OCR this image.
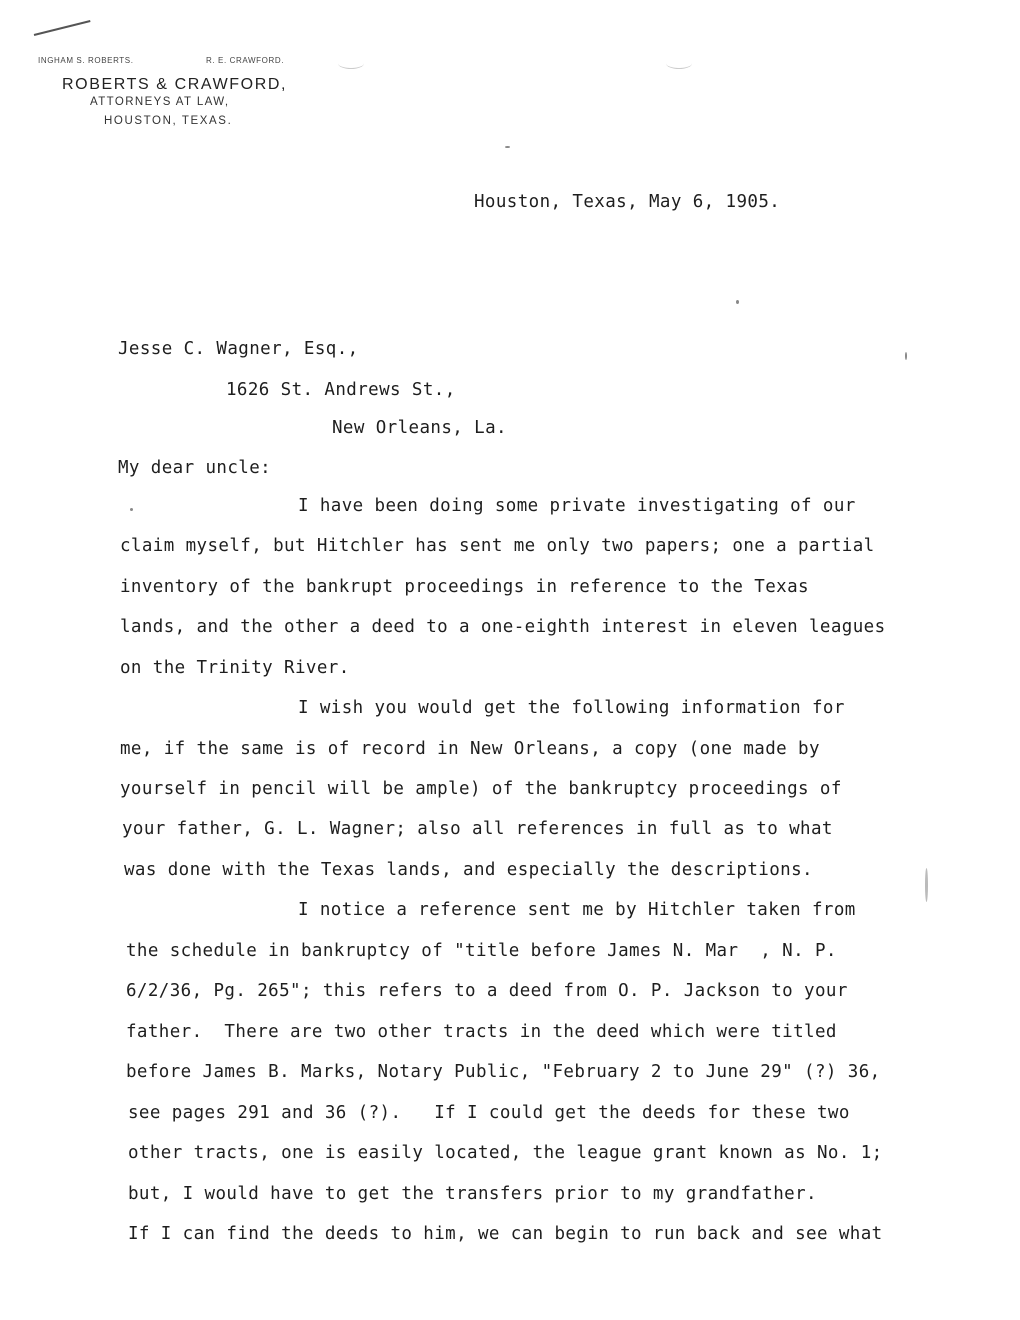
INGHAM S. ROBERTS.	R. E. CRAWFORD.
ROBERTS & CRAWFORD,
ATTORNEYS AT LAW,
HOUSTON, TEXAS.
Houston, Texas, May 6, 1905.
Jesse C. Wagner, Esq.,
1626 St. Andrews St.,
New Orleans, La.
My dear uncle:
I have been doing some private investigating of our
claim myself, but Hitchler has sent me only two papers; one a partial
inventory of the bankrupt proceedings in reference to the Texas
lands, and the other a deed to a one-eighth interest in eleven leagues
on the Trinity River.
I wish you would get the following information for
me, if the same is of record in New Orleans, a copy (one made by
yourself in pencil will be ample) of the bankruptcy proceedings of
your father, G. L. Wagner; also all references in full as to what
was done with the Texas lands, and especially the descriptions.
I notice a reference sent me by Hitchler taken from
the schedule in bankruptcy of "title before James N. Mar  , N. P.
6/2/36, Pg. 265"; this refers to a deed from O. P. Jackson to your
father.  There are two other tracts in the deed which were titled
before James B. Marks, Notary Public, "February 2 to June 29" (?) 36,
see pages 291 and 36 (?).   If I could get the deeds for these two
other tracts, one is easily located, the league grant known as No. 1;
but, I would have to get the transfers prior to my grandfather.
If I can find the deeds to him, we can begin to run back and see what
